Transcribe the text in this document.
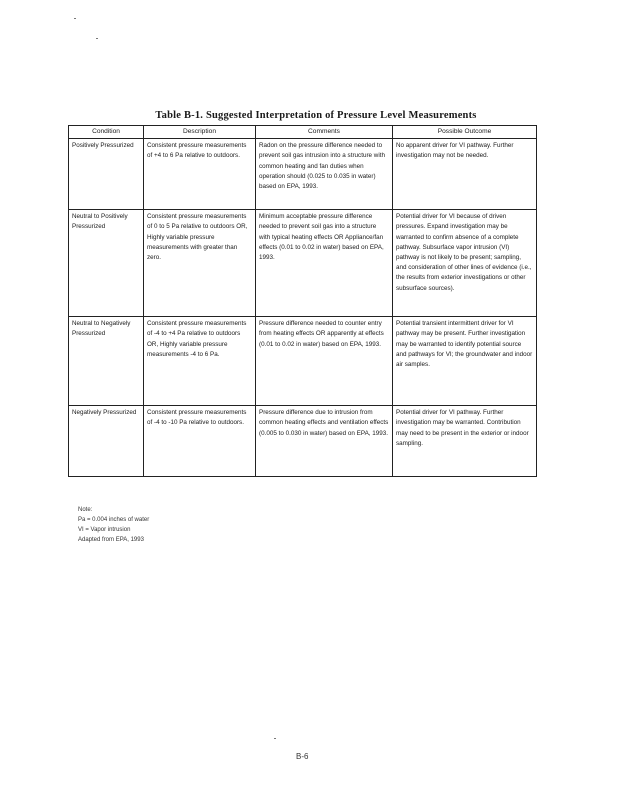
Table B-1. Suggested Interpretation of Pressure Level Measurements
Condition	Description	Comments	Possible Outcome
Positively Pressurized	Consistent pressure measurements of +4 to 6 Pa relative to outdoors.	Radon on the pressure difference needed to prevent soil gas intrusion into a structure with common heating and fan duties when operation should (0.025 to 0.035 in water) based on EPA, 1993.	No apparent driver for VI pathway. Further investigation may not be needed.
Neutral to Positively Pressurized	Consistent pressure measurements of 0 to 5 Pa relative to outdoors OR, Highly variable pressure measurements with greater than zero.	Minimum acceptable pressure difference needed to prevent soil gas into a structure with typical heating effects OR Appliance/fan effects (0.01 to 0.02 in water) based on EPA, 1993.	Potential driver for VI because of driven pressures. Expand investigation may be warranted to confirm absence of a complete pathway. Subsurface vapor intrusion (VI) pathway is not likely to be present; sampling, and consideration of other lines of evidence (i.e., the results from exterior investigations or other subsurface sources).
Neutral to Negatively Pressurized	Consistent pressure measurements of -4 to +4 Pa relative to outdoors OR, Highly variable pressure measurements -4 to 6 Pa.	Pressure difference needed to counter entry from heating effects OR apparently at effects (0.01 to 0.02 in water) based on EPA, 1993.	Potential transient intermittent driver for VI pathway may be present. Further investigation may be warranted to identify potential source and pathways for VI; the groundwater and indoor air samples.
Negatively Pressurized	Consistent pressure measurements of -4 to -10 Pa relative to outdoors.	Pressure difference due to intrusion from common heating effects and ventilation effects (0.005 to 0.030 in water) based on EPA, 1993.	Potential driver for VI pathway. Further investigation may be warranted. Contribution may need to be present in the exterior or indoor sampling.
Note:
Pa = 0.004 inches of water
VI = Vapor intrusion
Adapted from EPA, 1993
B-6
